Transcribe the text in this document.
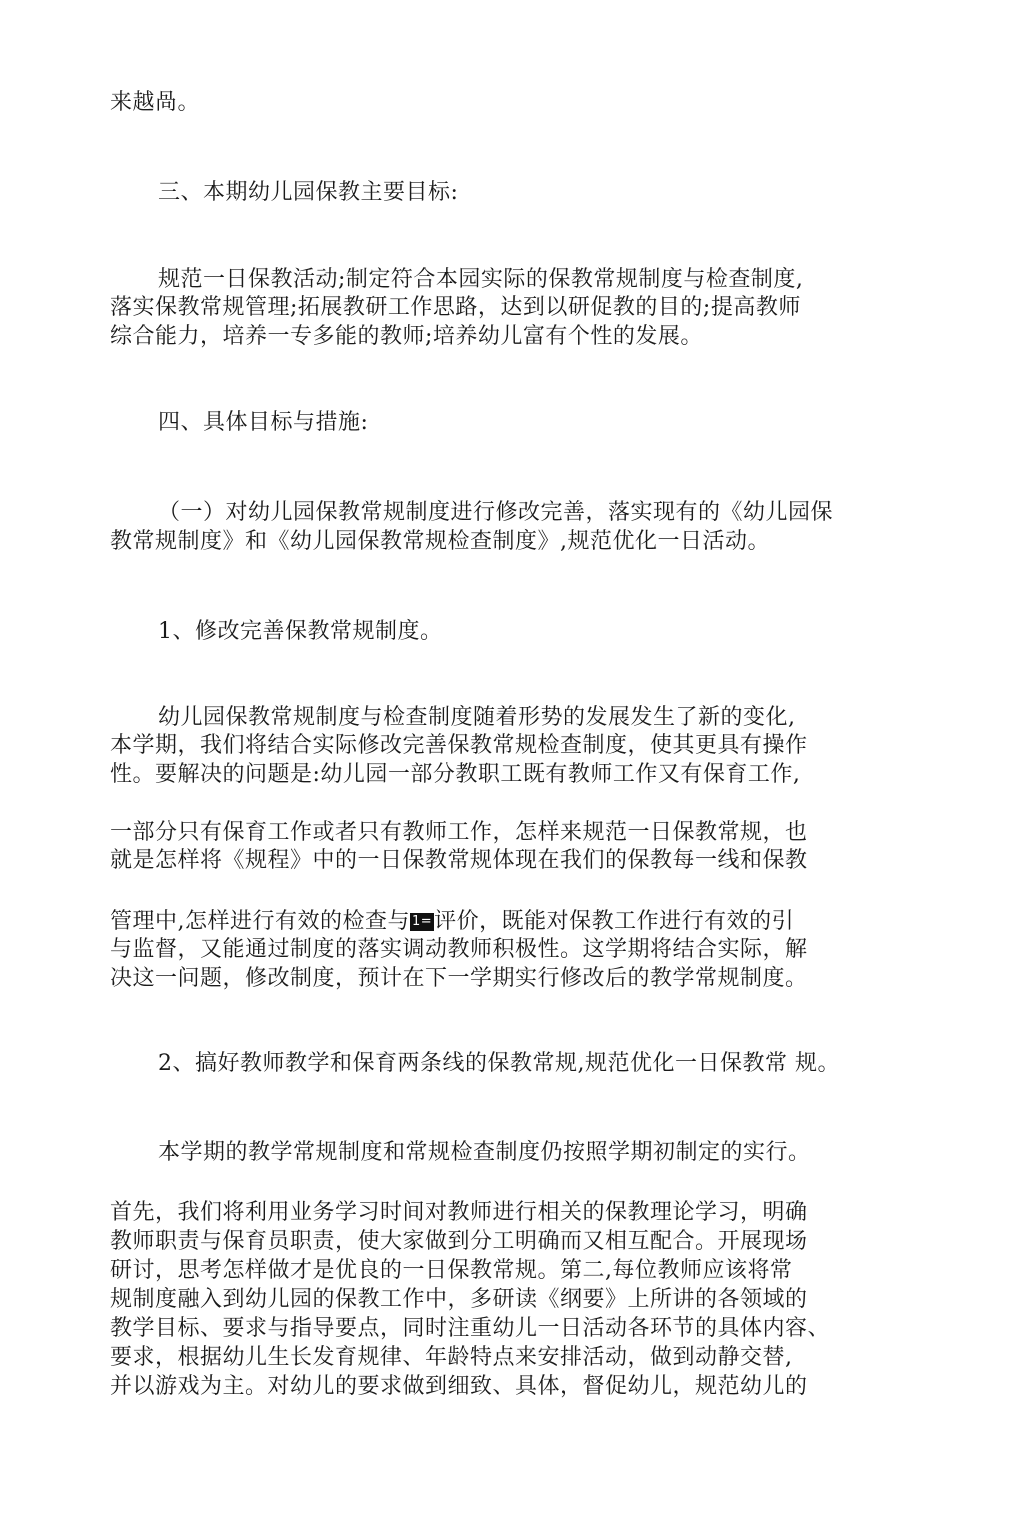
来越咼。
三、本期幼儿园保教主要目标:
规范一日保教活动;制定符合本园实际的保教常规制度与检查制度,
落实保教常规管理;拓展教研工作思路，达到以研促教的目的;提高教师
综合能力，培养一专多能的教师;培养幼儿富有个性的发展。
四、具体目标与措施:
（一）对幼儿园保教常规制度进行修改完善，落实现有的《幼儿园保
教常规制度》和《幼儿园保教常规检查制度》,规范优化一日活动。
1、修改完善保教常规制度。
幼儿园保教常规制度与检查制度随着形势的发展发生了新的变化,
本学期，我们将结合实际修改完善保教常规检查制度，使其更具有操作
性。要解决的问题是:幼儿园一部分教职工既有教师工作又有保育工作,
一部分只有保育工作或者只有教师工作，怎样来规范一日保教常规，也
就是怎样将《规程》中的一日保教常规体现在我们的保教每一线和保教
管理中,怎样进行有效的检查与 1=评价，既能对保教工作进行有效的引
与监督，又能通过制度的落实调动教师积极性。这学期将结合实际，解
决这一问题，修改制度，预计在下一学期实行修改后的教学常规制度。
2、搞好教师教学和保育两条线的保教常规,规范优化一日保教常 规。
本学期的教学常规制度和常规检查制度仍按照学期初制定的实行。
首先，我们将利用业务学习时间对教师进行相关的保教理论学习，明确
教师职责与保育员职责，使大家做到分工明确而又相互配合。开展现场
研讨，思考怎样做才是优良的一日保教常规。第二,每位教师应该将常
规制度融入到幼儿园的保教工作中，多研读《纲要》上所讲的各领域的
教学目标、要求与指导要点，同时注重幼儿一日活动各环节的具体内容、
要求，根据幼儿生长发育规律、年龄特点来安排活动，做到动静交替,
并以游戏为主。对幼儿的要求做到细致、具体，督促幼儿，规范幼儿的
